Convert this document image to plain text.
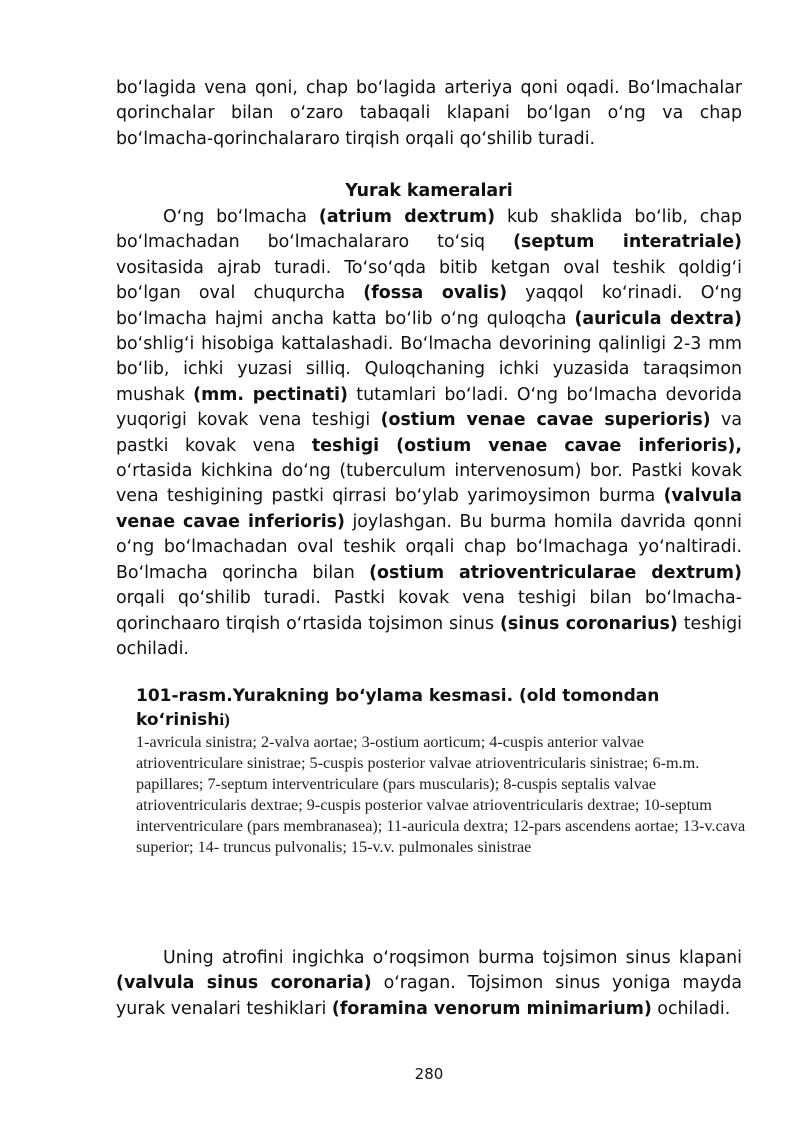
boʻlagida vena qoni, chap boʻlagida arteriya qoni oqadi. Boʻlmachalar qorinchalar bilan oʻzaro tabaqali klapani boʻlgan oʻng va chap boʻlmacha-qorinchalararo tirqish orqali qoʻshilib turadi.

Yurak kameralari

Oʻng boʻlmacha (atrium dextrum) kub shaklida boʻlib, chap boʻlmachadan boʻlmachalararo toʻsiq (septum interatriale) vositasida ajrab turadi. Toʻsoʻqda bitib ketgan oval teshik qoldigʻi boʻlgan oval chuqurcha (fossa ovalis) yaqqol koʻrinadi. Oʻng boʻlmacha hajmi ancha katta boʻlib oʻng quloqcha (auricula dextra) boʻshligʻi hisobiga kattalashadi. Boʻlmacha devorining qalinligi 2-3 mm boʻlib, ichki yuzasi silliq. Quloqchaning ichki yuzasida taraqsimon mushak (mm. pectinati) tutamlari boʻladi. Oʻng boʻlmacha devorida yuqorigi kovak vena teshigi (ostium venae cavae superioris) va pastki kovak vena teshigi (ostium venae cavae inferioris), oʻrtasida kichkina doʻng (tuberculum intervenosum) bor. Pastki kovak vena teshigining pastki qirrasi boʻylab yarimoysimon burma (valvula venae cavae inferioris) joylashgan. Bu burma homila davrida qonni oʻng boʻlmachadan oval teshik orqali chap boʻlmachaga yoʻnaltiradi. Boʻlmacha qorincha bilan (ostium atrioventricularae dextrum) orqali qoʻshilib turadi. Pastki kovak vena teshigi bilan boʻlmacha-qorinchaaro tirqish oʻrtasida tojsimon sinus (sinus coronarius) teshigi ochiladi.

101-rasm.Yurakning boʻylama kesmasi. (old tomondan koʻrinishi)

1-avricula sinistra; 2-valva aortae; 3-ostium aorticum; 4-cuspis anterior valvae atrioventricularе sinistrae; 5-cuspis posterior valvae atrioventricularis sinistrae; 6-m.m. papillares; 7-septum interventriculare (pars muscularis); 8-cuspis septalis valvae atrioventricularis dextrae; 9-cuspis posterior valvae atrioventricularis dextrae; 10-septum interventriculare (pars membranasea); 11-auricula dextra; 12-pars ascendens aortae; 13-v.cava superior; 14- truncus pulvonalis; 15-v.v. pulmonales sinistrae

Uning atrofini ingichka oʻroqsimon burma tojsimon sinus klapani (valvula sinus coronaria) oʻragan. Tojsimon sinus yoniga mayda yurak venalari teshiklari (foramina venorum minimarium) ochiladi.

280
